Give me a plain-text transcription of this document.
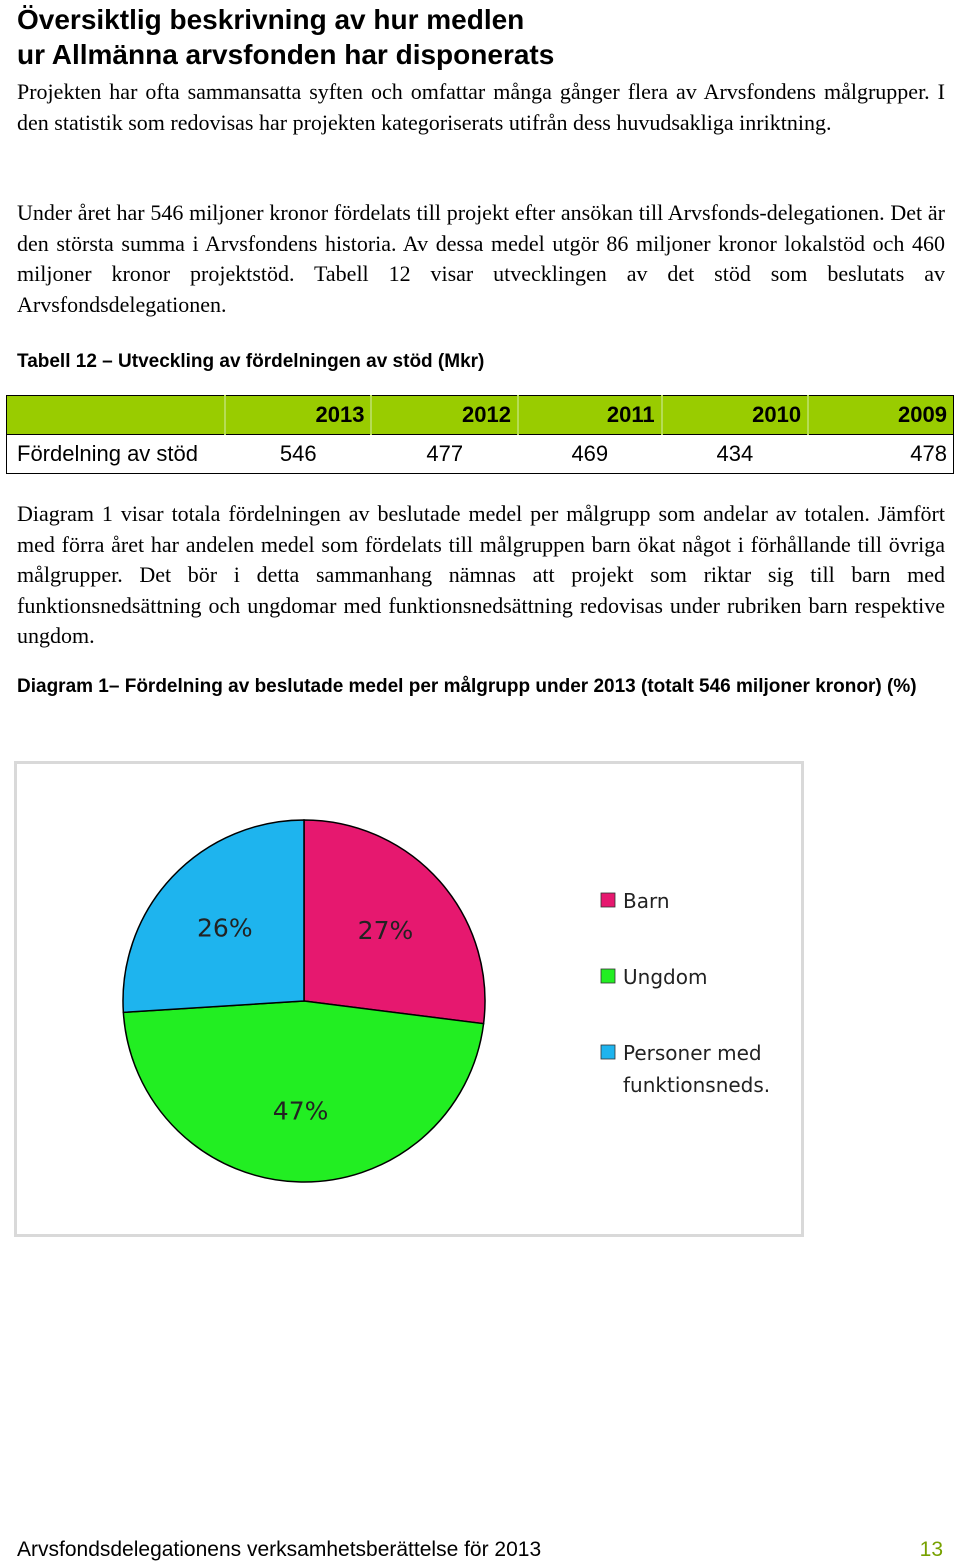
Översiktlig beskrivning av hur medlen
ur Allmänna arvsfonden har disponerats

Projekten har ofta sammansatta syften och omfattar många gånger flera av Arvsfondens målgrupper. I den statistik som redovisas har projekten kategoriserats utifrån dess huvudsakliga inriktning.

Under året har 546 miljoner kronor fördelats till projekt efter ansökan till Arvsfonds-delegationen. Det är den största summa i Arvsfondens historia. Av dessa medel utgör 86 miljoner kronor lokalstöd och 460 miljoner kronor projektstöd. Tabell 12 visar utvecklingen av det stöd som beslutats av Arvsfondsdelegationen.

Tabell 12 – Utveckling av fördelningen av stöd (Mkr)

	2013	2012	2011	2010	2009
Fördelning av stöd	546	477	469	434	478

Diagram 1 visar totala fördelningen av beslutade medel per målgrupp som andelar av totalen. Jämfört med förra året har andelen medel som fördelats till målgruppen barn ökat något i förhållande till övriga målgrupper. Det bör i detta sammanhang nämnas att projekt som riktar sig till barn med funktionsnedsättning och ungdomar med funktionsnedsättning redovisas under rubriken barn respektive ungdom.

Diagram 1– Fördelning av beslutade medel per målgrupp under 2013 (totalt 546 miljoner kronor) (%)

27%
47%
26%
Barn
Ungdom
Personer med
funktionsneds.
Arvsfondsdelegationens verksamhetsberättelse för 2013	13
